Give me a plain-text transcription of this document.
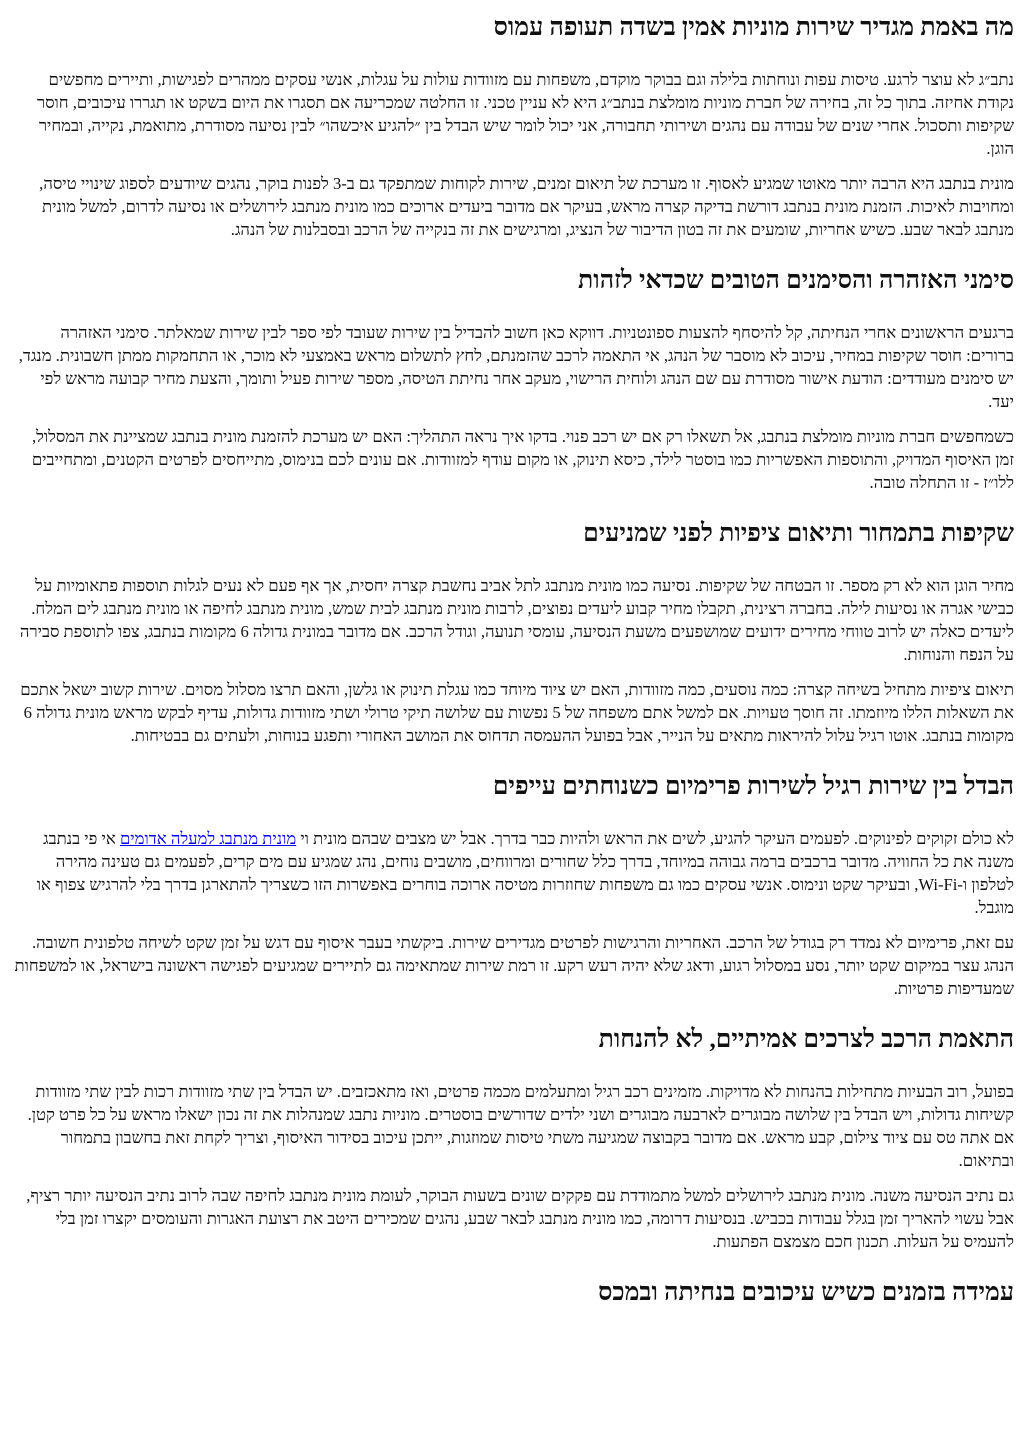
מה באמת מגדיר שירות מוניות אמין בשדה תעופה עמוס

נתב״ג לא עוצר לרגע. טיסות עפות ונוחתות בלילה וגם בבוקר מוקדם, משפחות עם מזוודות עולות על עגלות, אנשי עסקים ממהרים לפגישות, ותיירים מחפשים נקודת אחיזה. בתוך כל זה, בחירה של חברת מוניות מומלצת בנתב״ג היא לא עניין טכני. זו החלטה שמכריעה אם תסגרו את היום בשקט או תגררו עיכובים, חוסר שקיפות ותסכול. אחרי שנים של עבודה עם נהגים ושירותי תחבורה, אני יכול לומר שיש הבדל בין ״להגיע איכשהו״ לבין נסיעה מסודרת, מתואמת, נקייה, ובמחיר הוגן.

מונית בנתבג היא הרבה יותר מאוטו שמגיע לאסוף. זו מערכת של תיאום זמנים, שירות לקוחות שמתפקד גם ב-3 לפנות בוקר, נהגים שיודעים לספוג שינויי טיסה, ומחויבות לאיכות. הזמנת מונית בנתבג דורשת בדיקה קצרה מראש, בעיקר אם מדובר ביעדים ארוכים כמו מונית מנתבג לירושלים או נסיעה לדרום, למשל מונית מנתבג לבאר שבע. כשיש אחריות, שומעים את זה בטון הדיבור של הנציג, ומרגישים את זה בנקייה של הרכב ובסבלנות של הנהג.

סימני האזהרה והסימנים הטובים שכדאי לזהות

ברגעים הראשונים אחרי הנחיתה, קל להיסחף להצעות ספונטניות. דווקא כאן חשוב להבדיל בין שירות שעובד לפי ספר לבין שירות שמאלתר. סימני האזהרה ברורים: חוסר שקיפות במחיר, עיכוב לא מוסבר של הנהג, אי התאמה לרכב שהזמנתם, לחץ לתשלום מראש באמצעי לא מוכר, או התחמקות ממתן חשבונית. מנגד, יש סימנים מעודדים: הודעת אישור מסודרת עם שם הנהג ולוחית הרישוי, מעקב אחר נחיתת הטיסה, מספר שירות פעיל ותומך, והצעת מחיר קבועה מראש לפי יעד.

כשמחפשים חברת מוניות מומלצת בנתבג, אל תשאלו רק אם יש רכב פנוי. בדקו איך נראה התהליך: האם יש מערכת להזמנת מונית בנתבג שמציינת את המסלול, זמן האיסוף המדויק, והתוספות האפשריות כמו בוסטר לילד, כיסא תינוק, או מקום עודף למזוודות. אם עונים לכם בנימוס, מתייחסים לפרטים הקטנים, ומתחייבים ללו״ז - זו התחלה טובה.

שקיפות בתמחור ותיאום ציפיות לפני שמניעים

מחיר הוגן הוא לא רק מספר. זו הבטחה של שקיפות. נסיעה כמו מונית מנתבג לתל אביב נחשבת קצרה יחסית, אך אף פעם לא נעים לגלות תוספות פתאומיות על כבישי אגרה או נסיעות לילה. בחברה רצינית, תקבלו מחיר קבוע ליעדים נפוצים, לרבות מונית מנתבג לבית שמש, מונית מנתבג לחיפה או מונית מנתבג לים המלח. ליעדים כאלה יש לרוב טווחי מחירים ידועים שמושפעים משעת הנסיעה, עומסי תנועה, וגודל הרכב. אם מדובר במונית גדולה 6 מקומות בנתבג, צפו לתוספת סבירה על הנפח והנוחות.

תיאום ציפיות מתחיל בשיחה קצרה: כמה נוסעים, כמה מזוודות, האם יש ציוד מיוחד כמו עגלת תינוק או גלשן, והאם תרצו מסלול מסוים. שירות קשוב ישאל אתכם את השאלות הללו מיוזמתו. זה חוסך טעויות. אם למשל אתם משפחה של 5 נפשות עם שלושה תיקי טרולי ושתי מזוודות גדולות, עדיף לבקש מראש מונית גדולה 6 מקומות בנתבג. אוטו רגיל עלול להיראות מתאים על הנייר, אבל בפועל ההעמסה תדחוס את המושב האחורי ותפגע בנוחות, ולעתים גם בבטיחות.

הבדל בין שירות רגיל לשירות פרימיום כשנוחתים עייפים

לא כולם זקוקים לפינוקים. לפעמים העיקר להגיע, לשים את הראש ולהיות כבר בדרך. אבל יש מצבים שבהם מונית וי מונית מנתבג למעלה אדומים אי פי בנתבג משנה את כל החוויה. מדובר ברכבים ברמה גבוהה במיוחד, בדרך כלל שחורים ומרווחים, מושבים נוחים, נהג שמגיע עם מים קרים, לפעמים גם טעינה מהירה לטלפון ו-Wi-Fi, ובעיקר שקט ונימוס. אנשי עסקים כמו גם משפחות שחוזרות מטיסה ארוכה בוחרים באפשרות הזו כשצריך להתארגן בדרך בלי להרגיש צפוף או מוגבל.

עם זאת, פרימיום לא נמדד רק בגודל של הרכב. האחריות והרגישות לפרטים מגדירים שירות. ביקשתי בעבר איסוף עם דגש על זמן שקט לשיחה טלפונית חשובה. הנהג עצר במיקום שקט יותר, נסע במסלול רגוע, ודאג שלא יהיה רעש רקע. זו רמת שירות שמתאימה גם לתיירים שמגיעים לפגישה ראשונה בישראל, או למשפחות שמעדיפות פרטיות.

התאמת הרכב לצרכים אמיתיים, לא להנחות

בפועל, רוב הבעיות מתחילות בהנחות לא מדויקות. מזמינים רכב רגיל ומתעלמים מכמה פרטים, ואז מתאכזבים. יש הבדל בין שתי מזוודות רכות לבין שתי מזוודות קשיחות גדולות, ויש הבדל בין שלושה מבוגרים לארבעה מבוגרים ושני ילדים שדורשים בוסטרים. מוניות נתבג שמנהלות את זה נכון ישאלו מראש על כל פרט קטן. אם אתה טס עם ציוד צילום, קבע מראש. אם מדובר בקבוצה שמגיעה משתי טיסות שמוזגות, ייתכן עיכוב בסידור האיסוף, וצריך לקחת זאת בחשבון בתמחור ובתיאום.

גם נתיב הנסיעה משנה. מונית מנתבג לירושלים למשל מתמודדת עם פקקים שונים בשעות הבוקר, לעומת מונית מנתבג לחיפה שבה לרוב נתיב הנסיעה יותר רציף, אבל עשוי להאריך זמן בגלל עבודות בכביש. בנסיעות דרומה, כמו מונית מנתבג לבאר שבע, נהגים שמכירים היטב את רצועת האגרות והעומסים יקצרו זמן בלי להעמיס על העלות. תכנון חכם מצמצם הפתעות.

עמידה בזמנים כשיש עיכובים בנחיתה ובמכס
